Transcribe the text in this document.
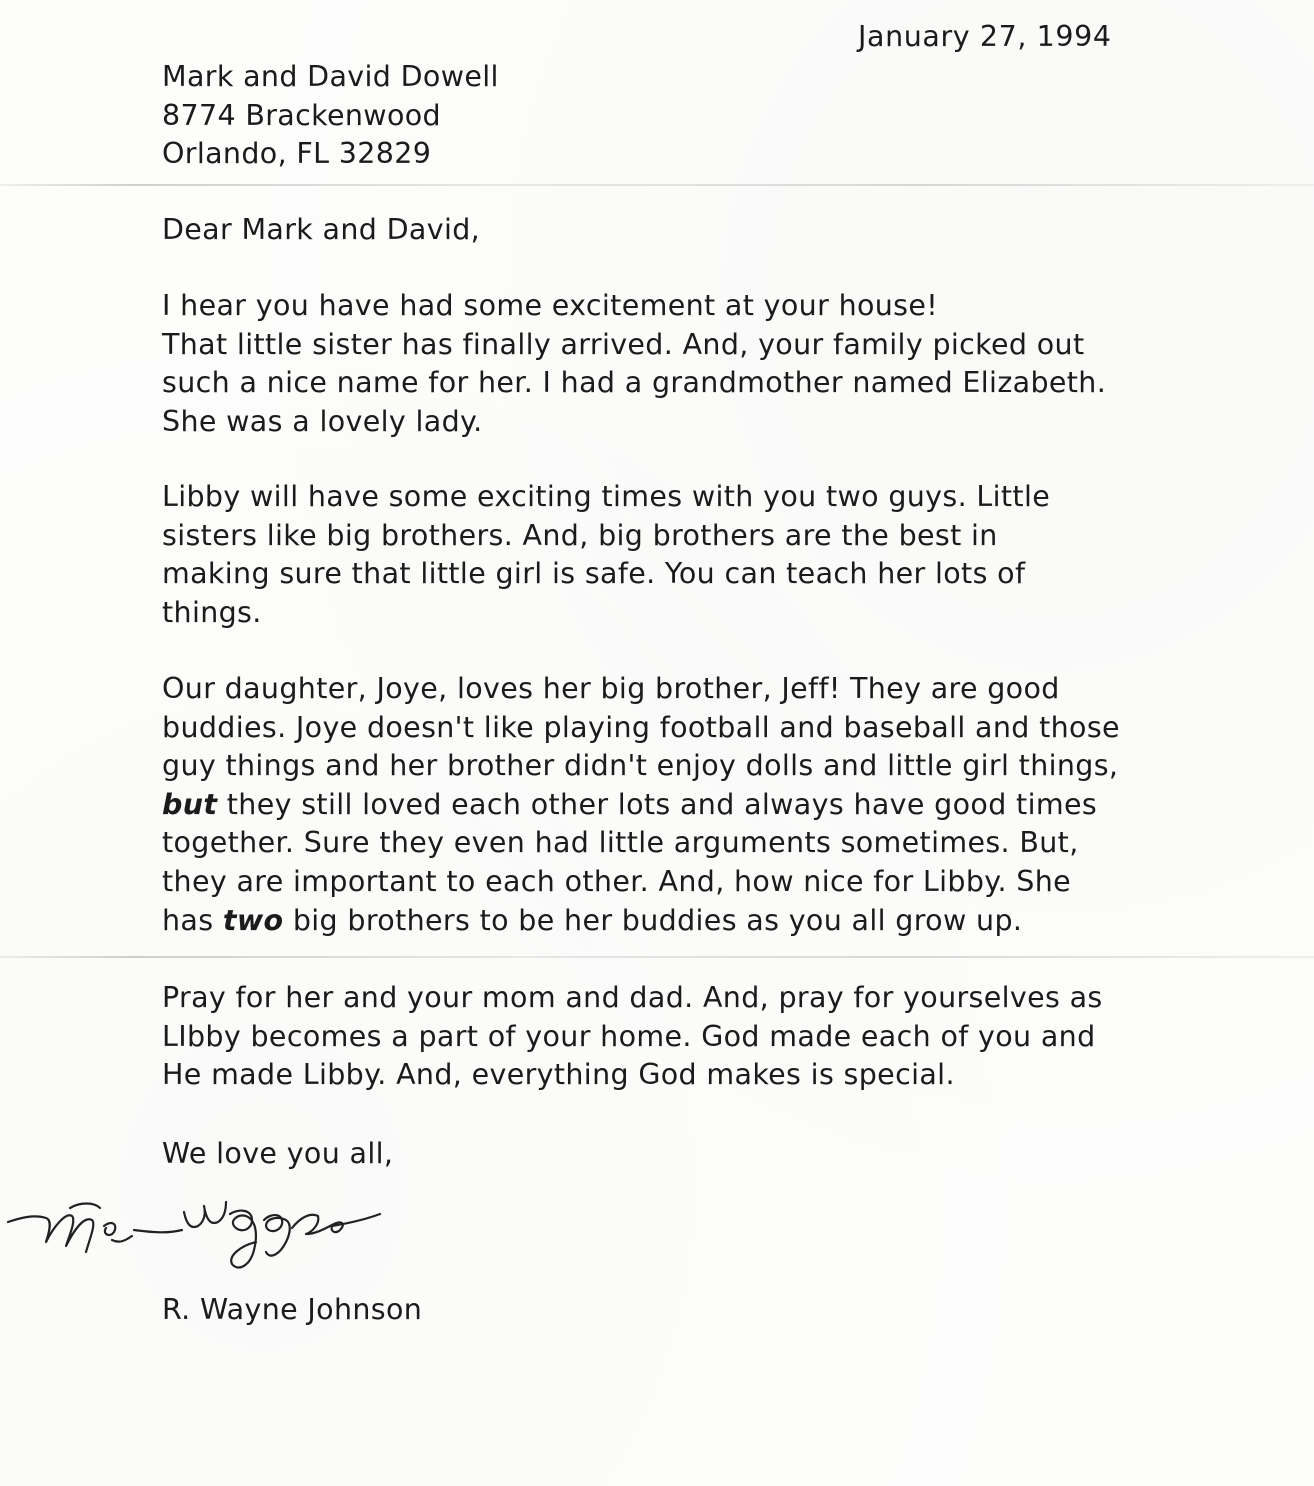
January 27, 1994
Mark and David Dowell
8774 Brackenwood
Orlando, FL 32829
Dear Mark and David,
I hear you have had some excitement at your house!
That little sister has finally arrived. And, your family picked out
such a nice name for her. I had a grandmother named Elizabeth.
She was a lovely lady.
Libby will have some exciting times with you two guys. Little
sisters like big brothers. And, big brothers are the best in
making sure that little girl is safe. You can teach her lots of
things.
Our daughter, Joye, loves her big brother, Jeff! They are good
buddies. Joye doesn't like playing football and baseball and those
guy things and her brother didn't enjoy dolls and little girl things,
but they still loved each other lots and always have good times
together. Sure they even had little arguments sometimes. But,
they are important to each other. And, how nice for Libby. She
has two big brothers to be her buddies as you all grow up.
Pray for her and your mom and dad. And, pray for yourselves as
LIbby becomes a part of your home. God made each of you and
He made Libby. And, everything God makes is special.
We love you all,
R. Wayne Johnson
